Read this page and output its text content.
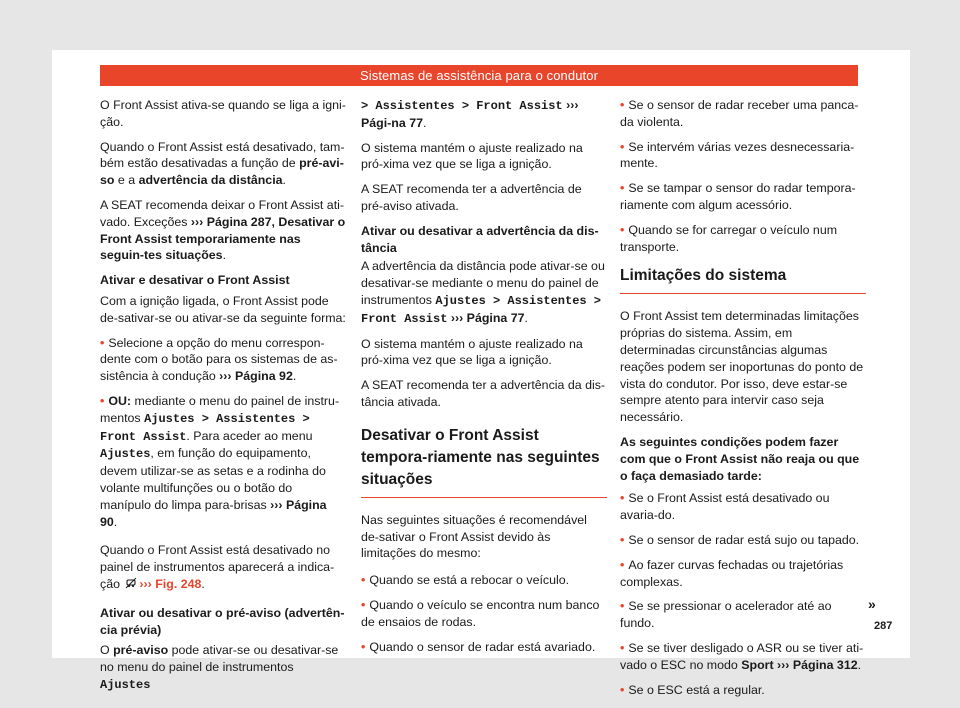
Sistemas de assistência para o condutor

O Front Assist ativa-se quando se liga a igni-ção.

Quando o Front Assist está desativado, tam-bém estão desativadas a função de pré-avi-so e a advertência da distância.

A SEAT recomenda deixar o Front Assist ati-vado. Exceções ››› Página 287, Desativar o Front Assist temporariamente nas seguin-tes situações.

Ativar e desativar o Front Assist

Com a ignição ligada, o Front Assist pode de-sativar-se ou ativar-se da seguinte forma:

• Selecione a opção do menu correspon-dente com o botão para os sistemas de as-sistência à condução ››› Página 92.

• OU: mediante o menu do painel de instru-mentos Ajustes > Assistentes > Front Assist. Para aceder ao menu Ajustes, em função do equipamento, devem utilizar-se as setas e a rodinha do volante multifunções ou o botão do manípulo do limpa para-brisas ››› Página 90.

Quando o Front Assist está desativado no painel de instrumentos aparecerá a indica-ção ››› Fig. 248.

Ativar ou desativar o pré-aviso (advertên-cia prévia)

O pré-aviso pode ativar-se ou desativar-se no menu do painel de instrumentos Ajustes

> Assistentes > Front Assist ››› Pági-na 77.

O sistema mantém o ajuste realizado na pró-xima vez que se liga a ignição.

A SEAT recomenda ter a advertência de pré-aviso ativada.

Ativar ou desativar a advertência da dis-tância

A advertência da distância pode ativar-se ou desativar-se mediante o menu do painel de instrumentos Ajustes > Assistentes > Front Assist ››› Página 77.

O sistema mantém o ajuste realizado na pró-xima vez que se liga a ignição.

A SEAT recomenda ter a advertência da dis-tância ativada.

Desativar o Front Assist tempora-riamente nas seguintes situações

Nas seguintes situações é recomendável de-sativar o Front Assist devido às limitações do mesmo:

• Quando se está a rebocar o veículo.

• Quando o veículo se encontra num banco de ensaios de rodas.

• Quando o sensor de radar está avariado.

• Se o sensor de radar receber uma panca-da violenta.

• Se intervém várias vezes desnecessaria-mente.

• Se se tampar o sensor do radar tempora-riamente com algum acessório.

• Quando se for carregar o veículo num transporte.

Limitações do sistema

O Front Assist tem determinadas limitações próprias do sistema. Assim, em determinadas circunstâncias algumas reações podem ser inoportunas do ponto de vista do condutor. Por isso, deve estar-se sempre atento para intervir caso seja necessário.

As seguintes condições podem fazer com que o Front Assist não reaja ou que o faça demasiado tarde:

• Se o Front Assist está desativado ou avaria-do.

• Se o sensor de radar está sujo ou tapado.

• Ao fazer curvas fechadas ou trajetórias complexas.

• Se se pressionar o acelerador até ao fundo.

• Se se tiver desligado o ASR ou se tiver ati-vado o ESC no modo Sport ››› Página 312.

• Se o ESC está a regular.

»
287
